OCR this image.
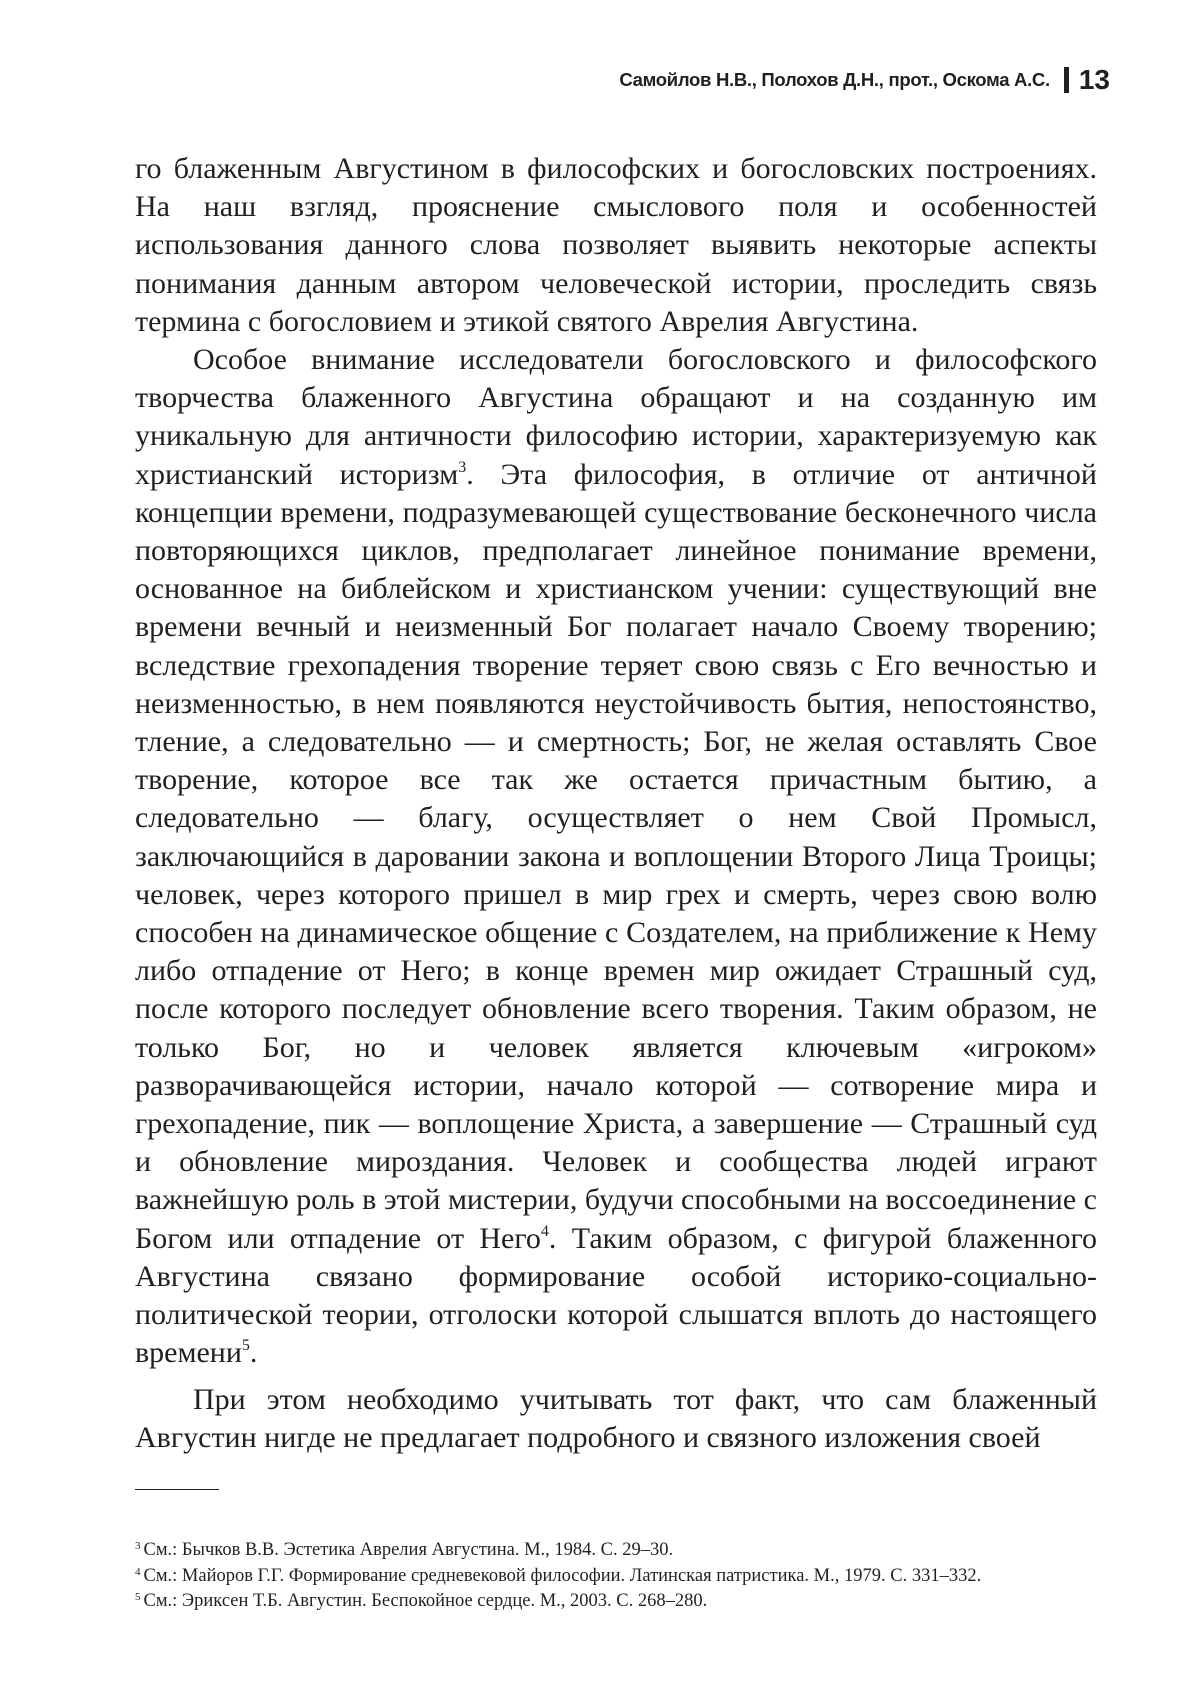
Самойлов Н.В., Полохов Д.Н., прот., Оскома А.С. 13

го блаженным Августином в философских и богословских построениях. На наш взгляд, прояснение смыслового поля и особенностей использования данного слова позволяет выявить некоторые аспекты понимания данным автором человеческой истории, проследить связь термина с богословием и этикой святого Аврелия Августина.

Особое внимание исследователи богословского и философского творчества блаженного Августина обращают и на созданную им уникальную для античности философию истории, характеризуемую как христианский историзм$^3$. Эта философия, в отличие от античной концепции времени, подразумевающей существование бесконечного числа повторяющихся циклов, предполагает линейное понимание времени, основанное на библейском и христианском учении: существующий вне времени вечный и неизменный Бог полагает начало Своему творению; вследствие грехопадения творение теряет свою связь с Его вечностью и неизменностью, в нем появляются неустойчивость бытия, непостоянство, тление, а следовательно — и смертность; Бог, не желая оставлять Свое творение, которое все так же остается причастным бытию, а следовательно — благу, осуществляет о нем Свой Промысл, заключающийся в даровании закона и воплощении Второго Лица Троицы; человек, через которого пришел в мир грех и смерть, через свою волю способен на динамическое общение с Создателем, на приближение к Нему либо отпадение от Него; в конце времен мир ожидает Страшный суд, после которого последует обновление всего творения. Таким образом, не только Бог, но и человек является ключевым «игроком» разворачивающейся истории, начало которой — сотворение мира и грехопадение, пик — воплощение Христа, а завершение — Страшный суд и обновление мироздания. Человек и сообщества людей играют важнейшую роль в этой мистерии, будучи способными на воссоединение с Богом или отпадение от Него$^4$. Таким образом, с фигурой блаженного Августина связано формирование особой историко-социально-политической теории, отголоски которой слышатся вплоть до настоящего времени$^5$.

При этом необходимо учитывать тот факт, что сам блаженный Августин нигде не предлагает подробного и связного изложения своей

$^3$ См.: Бычков В.В. Эстетика Аврелия Августина. М., 1984. С. 29–30.
$^4$ См.: Майоров Г.Г. Формирование средневековой философии. Латинская патристика. М., 1979. С. 331–332.
$^5$ См.: Эриксен Т.Б. Августин. Беспокойное сердце. М., 2003. С. 268–280.
